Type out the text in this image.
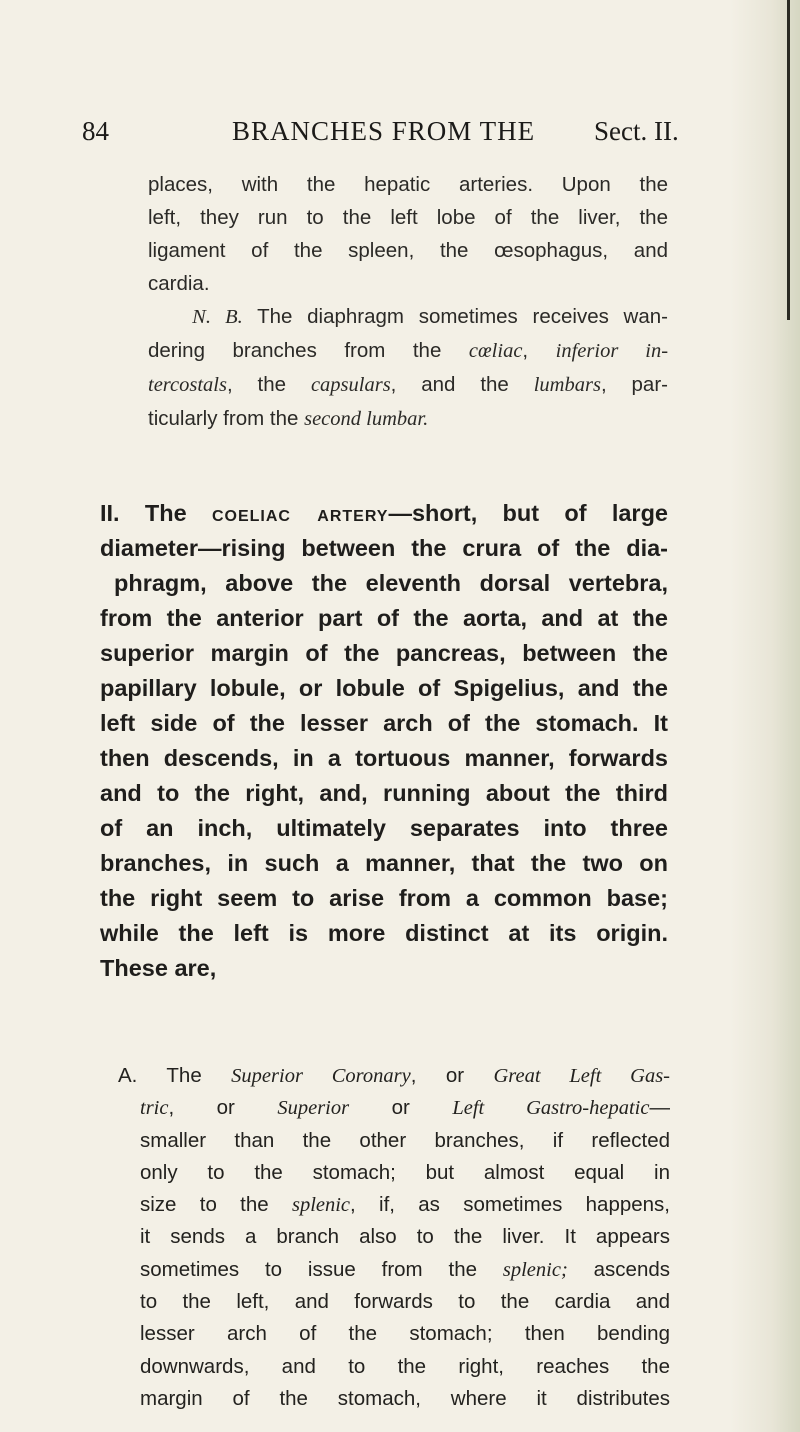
84	BRANCHES FROM THE Sect. II.
places, with the hepatic arteries. Upon the
left, they run to the left lobe of the liver, the
ligament of the spleen, the œsophagus, and
cardia.
N. B. The diaphragm sometimes receives wan-
dering branches from the cœliac, inferior in-
tercostals, the capsulars, and the lumbars, par-
ticularly from the second lumbar.
II. The coeliac artery—short, but of large
diameter—rising between the crura of the dia-
phragm, above the eleventh dorsal vertebra,
from the anterior part of the aorta, and at the
superior margin of the pancreas, between the
papillary lobule, or lobule of Spigelius, and the
left side of the lesser arch of the stomach. It
then descends, in a tortuous manner, forwards
and to the right, and, running about the third
of an inch, ultimately separates into three
branches, in such a manner, that the two on
the right seem to arise from a common base;
while the left is more distinct at its origin.
These are,
A. The Superior Coronary, or Great Left Gas-
tric, or Superior or Left Gastro-hepatic—
smaller than the other branches, if reflected
only to the stomach; but almost equal in
size to the splenic, if, as sometimes happens,
it sends a branch also to the liver. It appears
sometimes to issue from the splenic; ascends
to the left, and forwards to the cardia and
lesser arch of the stomach; then bending
downwards, and to the right, reaches the
margin of the stomach, where it distributes
